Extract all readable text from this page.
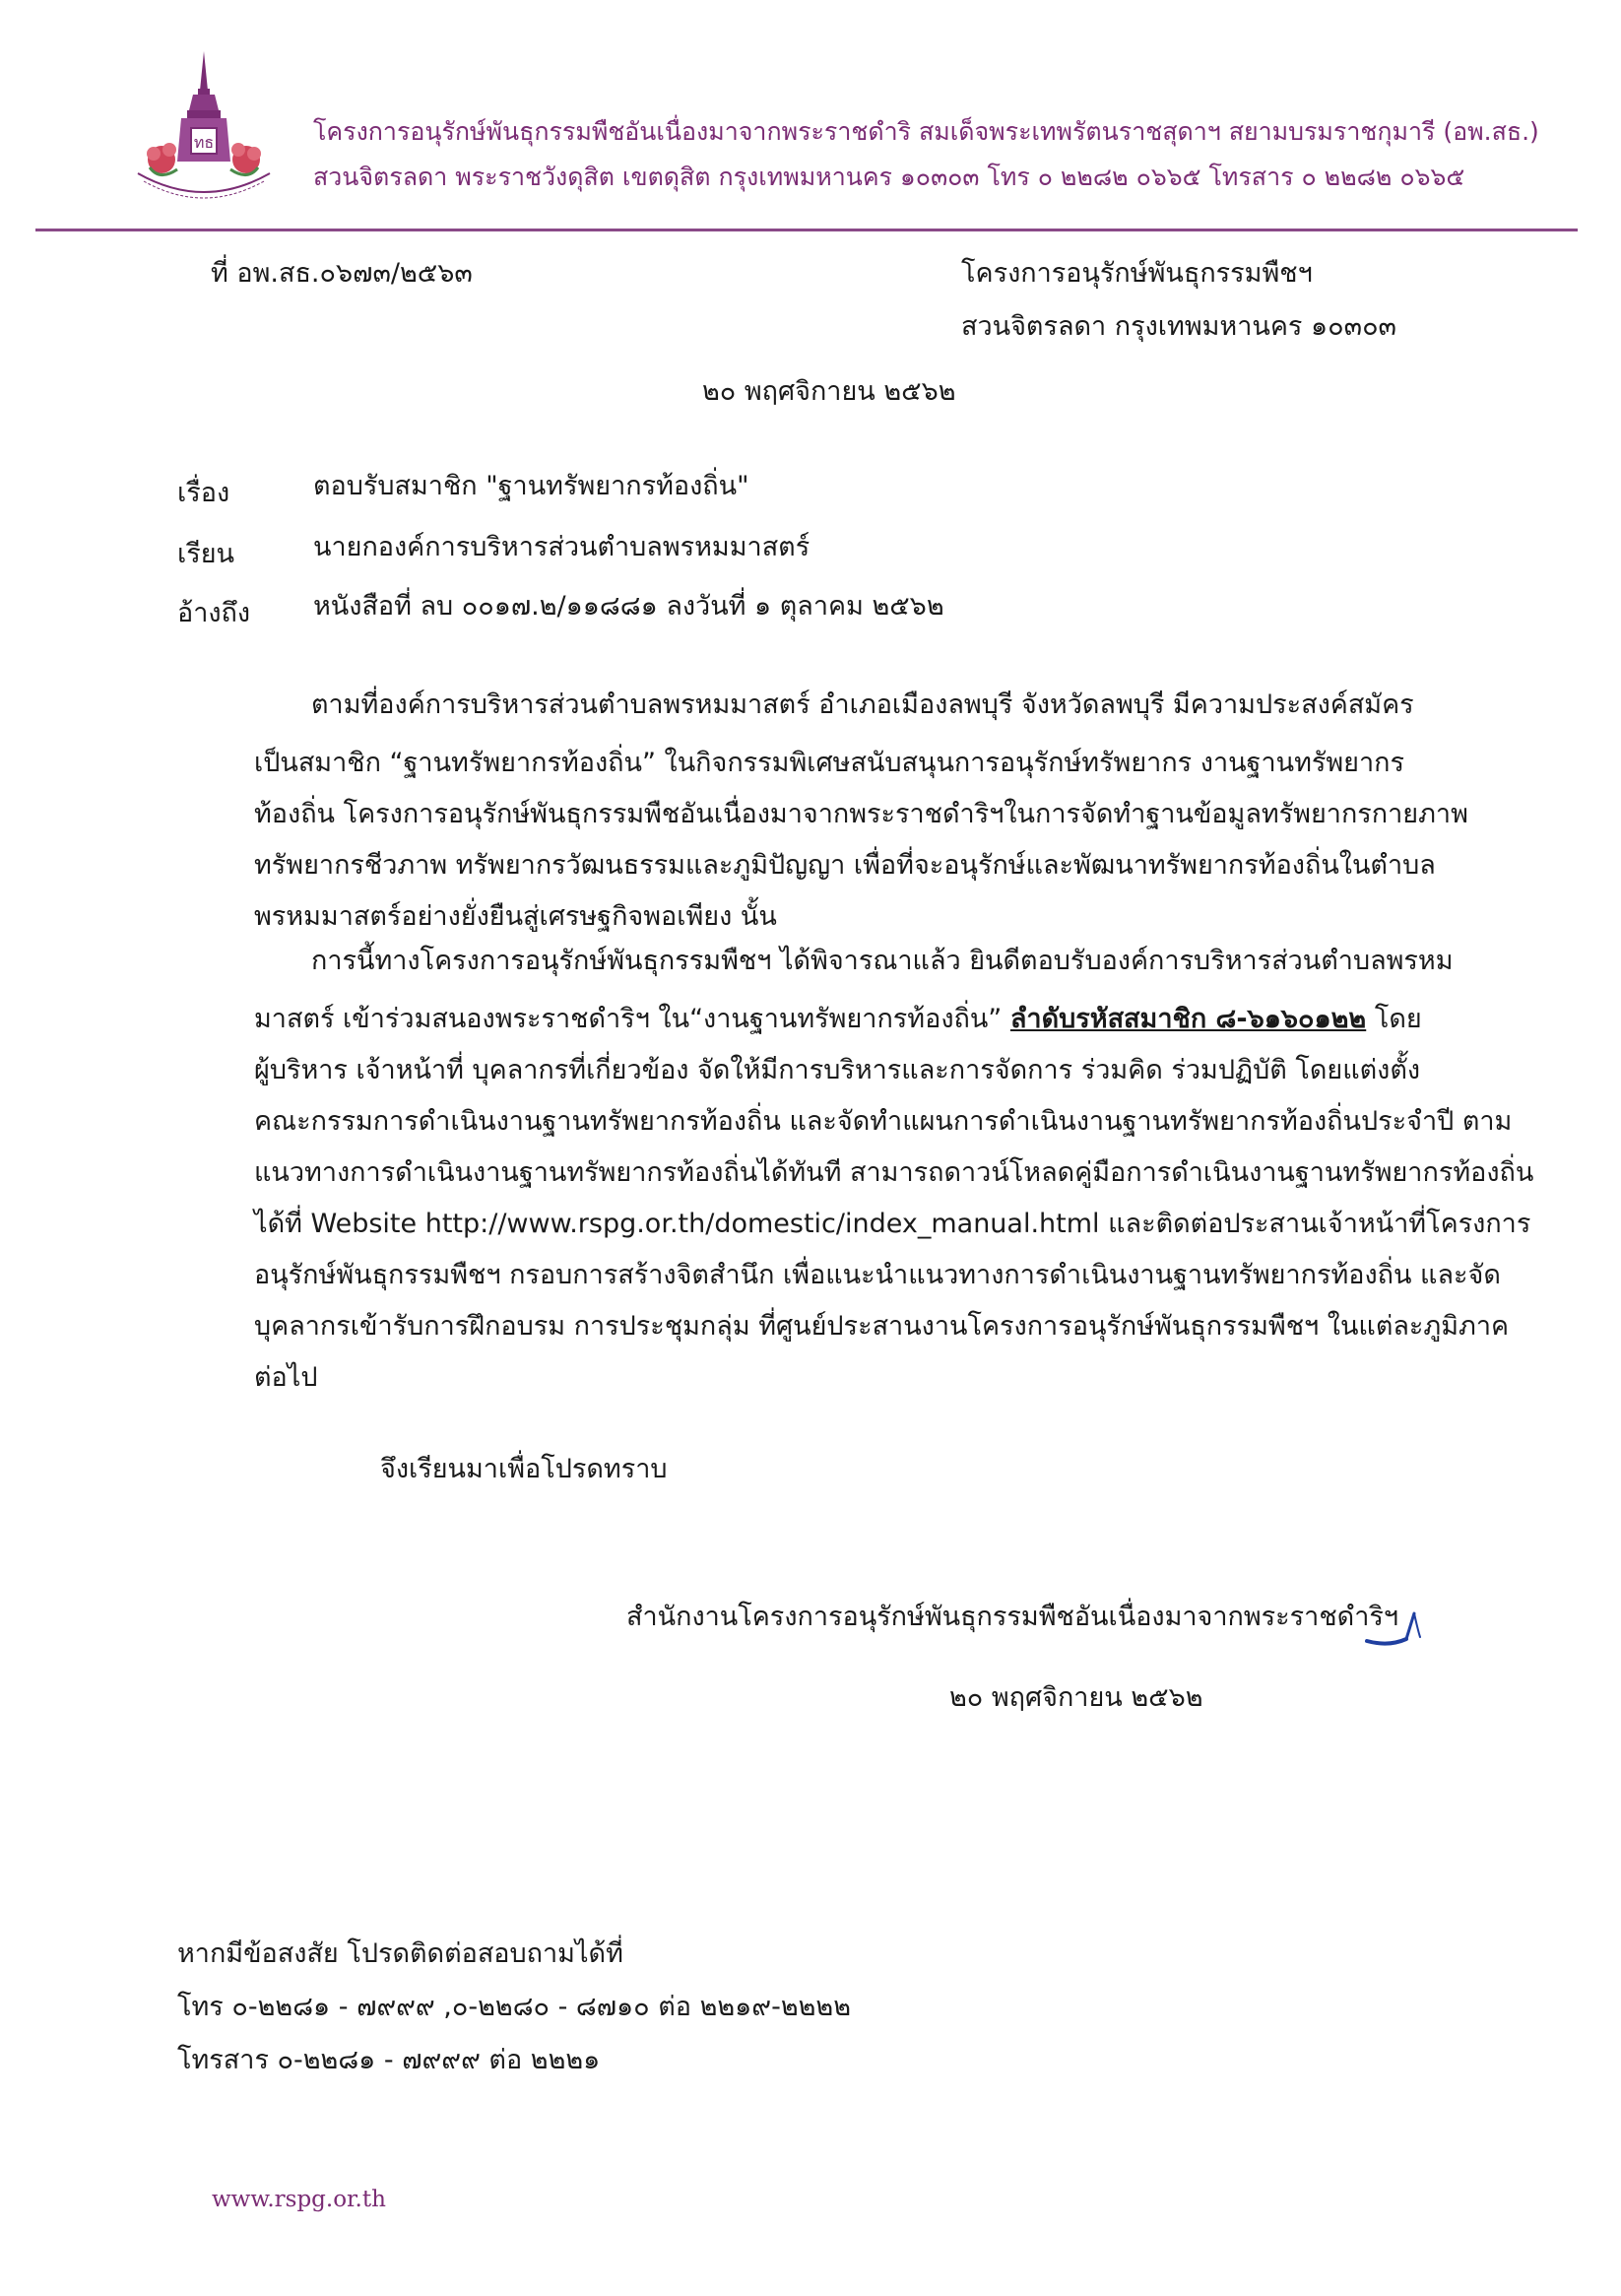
ทธ	โครงการอนุรักษ์พันธุกรรมพืชอันเนื่องมาจากพระราชดำริ สมเด็จพระเทพรัตนราชสุดาฯ สยามบรมราชกุมารี (อพ.สธ.)
สวนจิตรลดา พระราชวังดุสิต เขตดุสิต กรุงเทพมหานคร ๑๐๓๐๓ โทร ๐ ๒๒๘๒ ๐๖๖๕ โทรสาร ๐ ๒๒๘๒ ๐๖๖๕
ที่ อพ.สธ.๐๖๗๓/๒๕๖๓	โครงการอนุรักษ์พันธุกรรมพืชฯ
สวนจิตรลดา กรุงเทพมหานคร ๑๐๓๐๓
๒๐ พฤศจิกายน ๒๕๖๒
เรื่อง	ตอบรับสมาชิก "ฐานทรัพยากรท้องถิ่น"
เรียน	นายกองค์การบริหารส่วนตำบลพรหมมาสตร์
อ้างถึง หนังสือที่ ลบ ๐๐๑๗.๒/๑๑๘๘๑ ลงวันที่ ๑ ตุลาคม ๒๕๖๒
ตามที่องค์การบริหารส่วนตำบลพรหมมาสตร์ อำเภอเมืองลพบุรี จังหวัดลพบุรี มีความประสงค์สมัคร
เป็นสมาชิก “ฐานทรัพยากรท้องถิ่น” ในกิจกรรมพิเศษสนับสนุนการอนุรักษ์ทรัพยากร งานฐานทรัพยากร
ท้องถิ่น โครงการอนุรักษ์พันธุกรรมพืชอันเนื่องมาจากพระราชดำริฯในการจัดทำฐานข้อมูลทรัพยากรกายภาพ
ทรัพยากรชีวภาพ ทรัพยากรวัฒนธรรมและภูมิปัญญา เพื่อที่จะอนุรักษ์และพัฒนาทรัพยากรท้องถิ่นในตำบล
พรหมมาสตร์อย่างยั่งยืนสู่เศรษฐกิจพอเพียง นั้น
การนี้ทางโครงการอนุรักษ์พันธุกรรมพืชฯ ได้พิจารณาแล้ว ยินดีตอบรับองค์การบริหารส่วนตำบลพรหม
มาสตร์ เข้าร่วมสนองพระราชดำริฯ ใน“งานฐานทรัพยากรท้องถิ่น” ลำดับรหัสสมาชิก ๘-๖๑๖๐๑๒๒ โดย
ผู้บริหาร เจ้าหน้าที่ บุคลากรที่เกี่ยวข้อง จัดให้มีการบริหารและการจัดการ ร่วมคิด ร่วมปฏิบัติ โดยแต่งตั้ง
คณะกรรมการดำเนินงานฐานทรัพยากรท้องถิ่น และจัดทำแผนการดำเนินงานฐานทรัพยากรท้องถิ่นประจำปี ตาม
แนวทางการดำเนินงานฐานทรัพยากรท้องถิ่นได้ทันที สามารถดาวน์โหลดคู่มือการดำเนินงานฐานทรัพยากรท้องถิ่น
ได้ที่ Website http://www.rspg.or.th/domestic/index_manual.html และติดต่อประสานเจ้าหน้าที่โครงการ
อนุรักษ์พันธุกรรมพืชฯ กรอบการสร้างจิตสำนึก เพื่อแนะนำแนวทางการดำเนินงานฐานทรัพยากรท้องถิ่น และจัด
บุคลากรเข้ารับการฝึกอบรม การประชุมกลุ่ม ที่ศูนย์ประสานงานโครงการอนุรักษ์พันธุกรรมพืชฯ ในแต่ละภูมิภาค
ต่อไป
จึงเรียนมาเพื่อโปรดทราบ
สำนักงานโครงการอนุรักษ์พันธุกรรมพืชอันเนื่องมาจากพระราชดำริฯ
๒๐ พฤศจิกายน ๒๕๖๒
หากมีข้อสงสัย โปรดติดต่อสอบถามได้ที่
โทร ๐-๒๒๘๑ - ๗๙๙๙ ,๐-๒๒๘๐ - ๘๗๑๐ ต่อ ๒๒๑๙-๒๒๒๒
โทรสาร ๐-๒๒๘๑ - ๗๙๙๙ ต่อ ๒๒๒๑
www.rspg.or.th
